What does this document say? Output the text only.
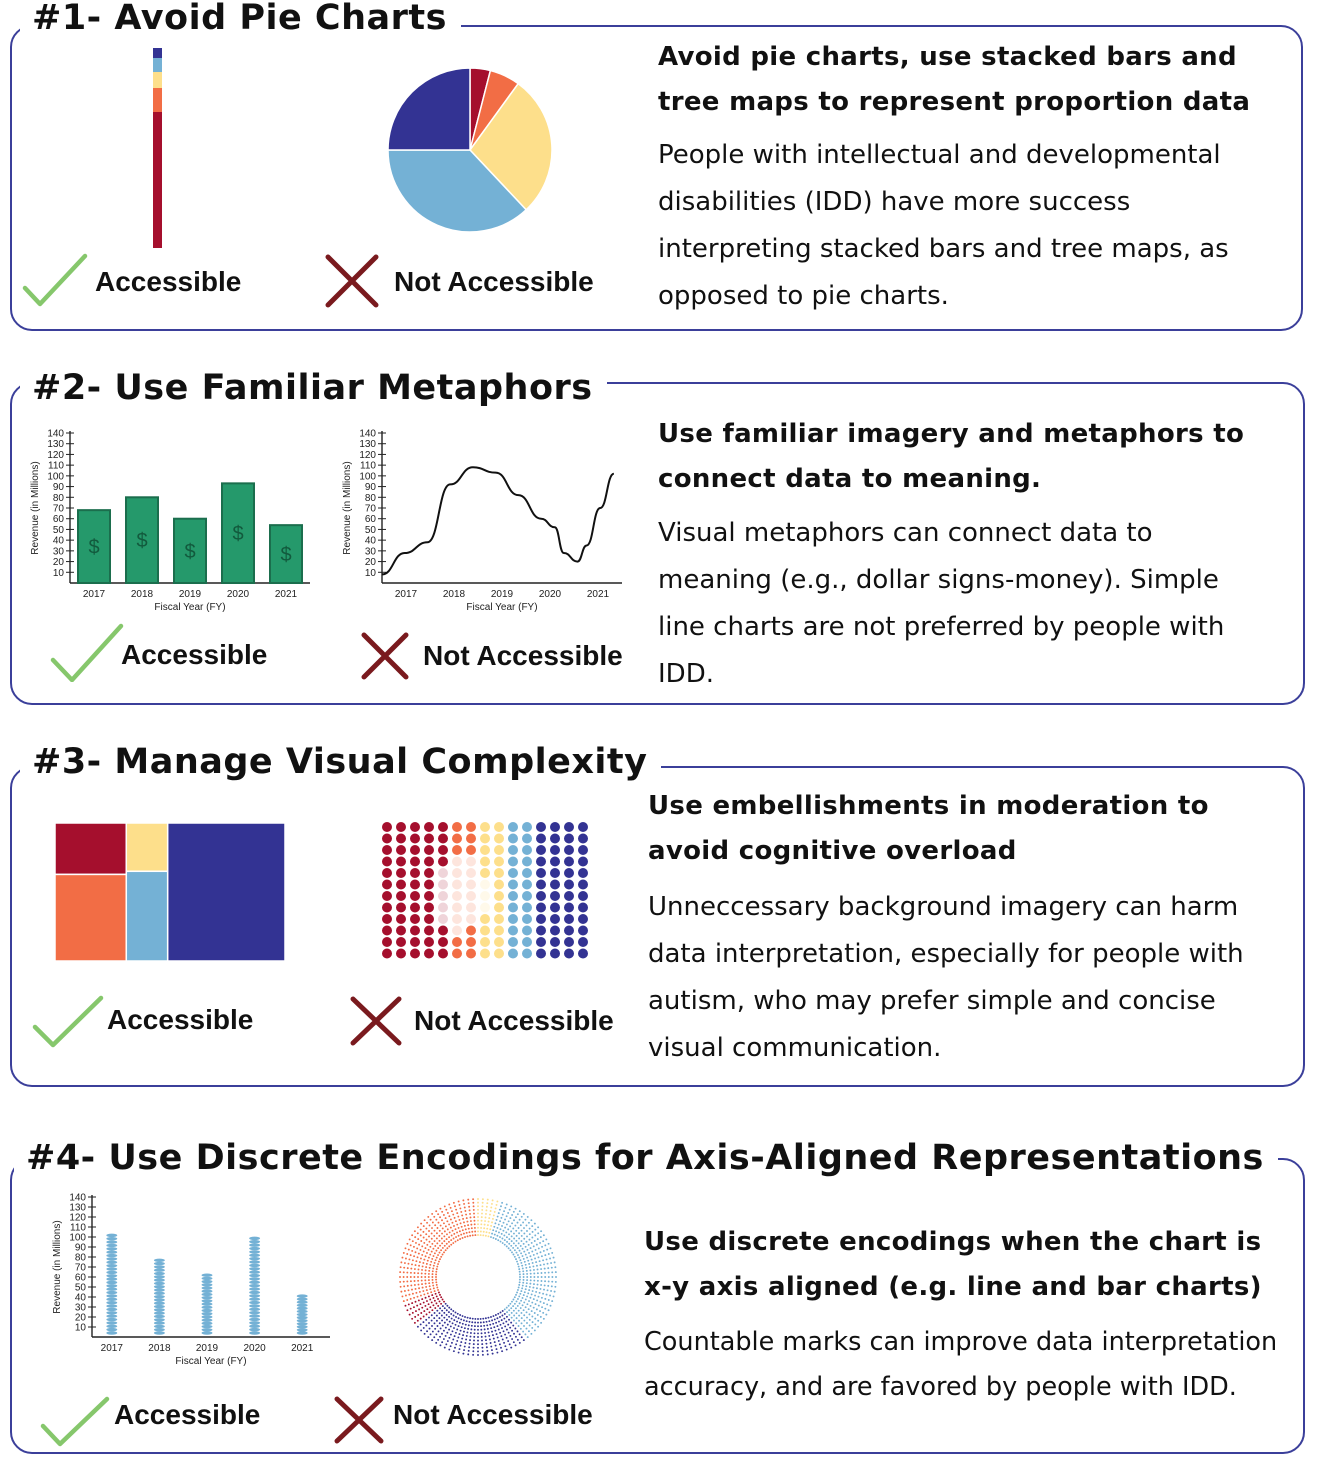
#1- Avoid Pie Charts
Accessible	Not Accessible
Avoid pie charts, use stacked bars and tree maps to represent proportion data
People with intellectual and developmental disabilities (IDD) have more success interpreting stacked bars and tree maps, as opposed to pie charts.
#2- Use Familiar Metaphors
10
20
30
40
50
60
70
80
90
100
110
120
130
140
2017	2018	2019	2020	2021
Fiscal Year (FY)
Revenue (in Millions) $ $ $
$
$
10
20
30
40
50
60
70
80
90
100
110
120
130
140
2017	2018	2019	2020	2021
Fiscal Year (FY)
Revenue (in Millions)
Accessible	Not Accessible
Use familiar imagery and metaphors to connect data to meaning.
Visual metaphors can connect data to meaning (e.g., dollar signs-money). Simple line charts are not preferred by people with IDD.
#3- Manage Visual Complexity
Accessible	Not Accessible
Use embellishments in moderation to avoid cognitive overload
Unneccessary background imagery can harm data interpretation, especially for people with autism, who may prefer simple and concise visual communication.
#4- Use Discrete Encodings for Axis-Aligned Representations
10
20
30
40
50
60
70
80
90
100
110
120
130
140
2017	2018	2019	2020	2021
Fiscal Year (FY)
Revenue (in Millions)
Accessible	Not Accessible
Use discrete encodings when the chart is x-y axis aligned (e.g. line and bar charts)
Countable marks can improve data interpretation accuracy, and are favored by people with IDD.
